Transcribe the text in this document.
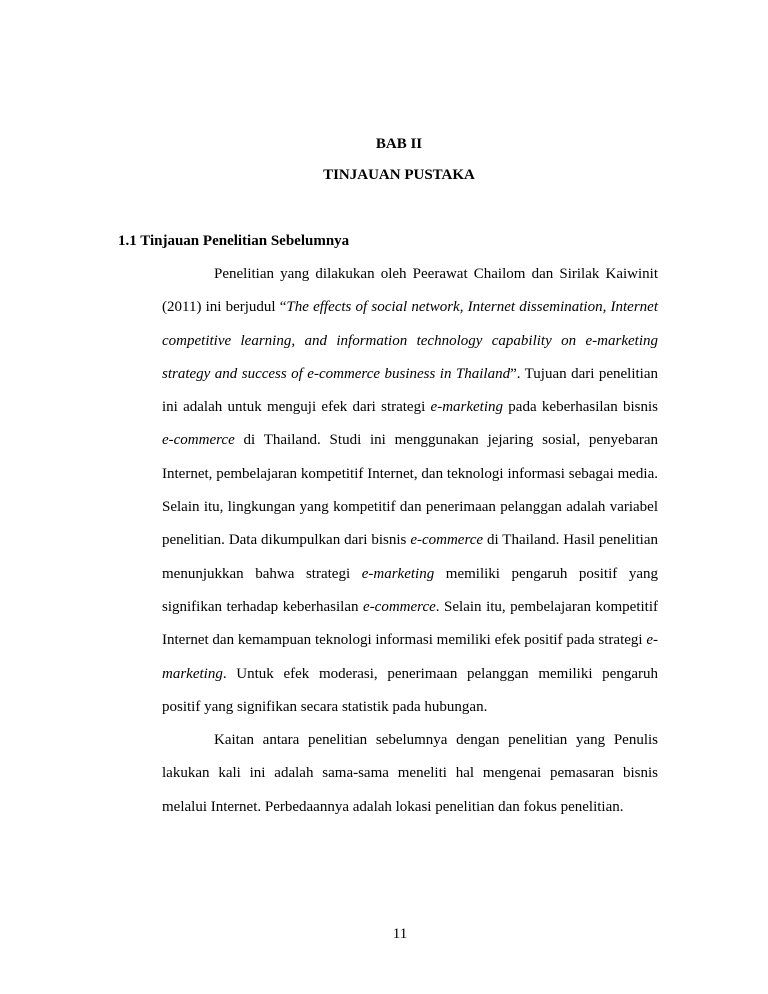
BAB II
TINJAUAN PUSTAKA
1.1 Tinjauan Penelitian Sebelumnya

Penelitian yang dilakukan oleh Peerawat Chailom dan Sirilak Kaiwinit (2011) ini berjudul “The effects of social network, Internet dissemination, Internet competitive learning, and information technology capability on e-marketing strategy and success of e-commerce business in Thailand”. Tujuan dari penelitian ini adalah untuk menguji efek dari strategi e-marketing pada keberhasilan bisnis e-commerce di Thailand. Studi ini menggunakan jejaring sosial, penyebaran Internet, pembelajaran kompetitif Internet, dan teknologi informasi sebagai media. Selain itu, lingkungan yang kompetitif dan penerimaan pelanggan adalah variabel penelitian. Data dikumpulkan dari bisnis e-commerce di Thailand. Hasil penelitian menunjukkan bahwa strategi e-marketing memiliki pengaruh positif yang signifikan terhadap keberhasilan e-commerce. Selain itu, pembelajaran kompetitif Internet dan kemampuan teknologi informasi memiliki efek positif pada strategi e-marketing. Untuk efek moderasi, penerimaan pelanggan memiliki pengaruh positif yang signifikan secara statistik pada hubungan.

Kaitan antara penelitian sebelumnya dengan penelitian yang Penulis lakukan kali ini adalah sama-sama meneliti hal mengenai pemasaran bisnis melalui Internet. Perbedaannya adalah lokasi penelitian dan fokus penelitian.

11
